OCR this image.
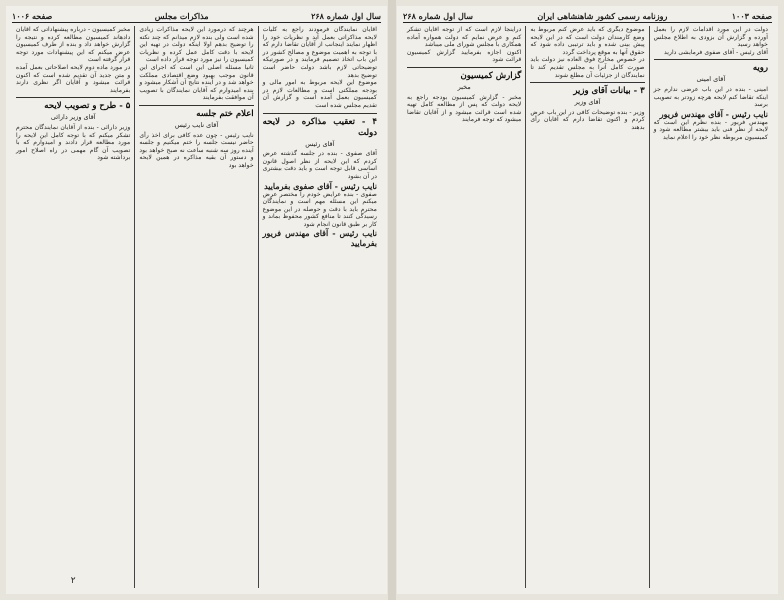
سال اول شماره ۲۶۸
مذاکرات مجلس
صفحه ۱۰۰۶

آقایان نمایندگان فرمودند راجع به کلیات لایحه مذاکراتی بعمل آید و نظریات خود را اظهار نمایند اینجانب از آقایان تقاضا دارم که با توجه به اهمیت موضوع و مصالح کشور در این باب اتخاذ تصمیم فرمایند و در صورتیکه توضیحاتی لازم باشد دولت حاضر است توضیح بدهد

موضوع این لایحه مربوط به امور مالی و بودجه مملکتی است و مطالعات لازم در کمیسیون بعمل آمده است و گزارش آن تقدیم مجلس شده است

۴ - تعقیب مذاکره در لایحه دولت
آقای رئیس

آقای صفوی - بنده در جلسه گذشته عرض کردم که این لایحه از نظر اصول قانون اساسی قابل توجه است و باید دقت بیشتری در آن بشود

نایب رئیس - آقای صفوی بفرمایید

صفوی - بنده عرایض خودم را مختصر عرض میکنم این مسئله مهم است و نمایندگان محترم باید با دقت و حوصله در این موضوع رسیدگی کنند تا منافع کشور محفوظ بماند و کار بر طبق قانون انجام شود

نایب رئیس - آقای مهندس فریور بفرمایید

هرچند که درمورد این لایحه مذاکرات زیادی شده است ولی بنده لازم میدانم که چند نکته را توضیح بدهم اولا اینکه دولت در تهیه این لایحه با دقت کامل عمل کرده و نظریات کمیسیون را نیز مورد توجه قرار داده است

ثانیا مسئله اصلی این است که اجرای این قانون موجب بهبود وضع اقتصادی مملکت خواهد شد و در آینده نتایج آن آشکار میشود و بنده امیدوارم که آقایان نمایندگان با تصویب آن موافقت بفرمایند

اعلام ختم جلسه
آقای نایب رئیس

نایب رئیس - چون عده کافی برای اخذ رأی حاضر نیست جلسه را ختم میکنیم و جلسه آینده روز سه شنبه ساعت نه صبح خواهد بود و دستور آن بقیه مذاکره در همین لایحه خواهد بود

مخبر کمیسیون - درباره پیشنهاداتی که آقایان دادهاند کمیسیون مطالعه کرده و نتیجه را گزارش خواهد داد و بنده از طرف کمیسیون عرض میکنم که این پیشنهادات مورد توجه قرار گرفته است

در مورد ماده دوم لایحه اصلاحاتی بعمل آمده و متن جدید آن تقدیم شده است که اکنون قرائت میشود و آقایان اگر نظری دارند بفرمایند

۵ - طرح و تصویب لایحه
آقای وزیر دارائی

وزیر دارائی - بنده از آقایان نمایندگان محترم تشکر میکنم که با توجه کامل این لایحه را مورد مطالعه قرار دادند و امیدوارم که با تصویب آن گام مهمی در راه اصلاح امور برداشته شود

۲
صفحه ۱۰۰۳
روزنامه رسمی کشور شاهنشاهی ایران
سال اول شماره ۲۶۸

دولت در این مورد اقدامات لازم را بعمل آورده و گزارش آن بزودی به اطلاع مجلس خواهد رسید

آقای رئیس - آقای صفوی فرمایشی دارید

رویه
آقای امینی

امینی - بنده در این باب عرضی ندارم جز اینکه تقاضا کنم لایحه هرچه زودتر به تصویب برسد

نایب رئیس - آقای مهندس فریور

مهندس فریور - بنده نظرم این است که لایحه از نظر فنی باید بیشتر مطالعه شود و کمیسیون مربوطه نظر خود را اعلام نماید

موضوع دیگری که باید عرض کنم مربوط به وضع کارمندان دولت است که در این لایحه پیش بینی شده و باید ترتیبی داده شود که حقوق آنها به موقع پرداخت گردد

در خصوص مخارج فوق العاده نیز دولت باید صورت کامل آنرا به مجلس تقدیم کند تا نمایندگان از جزئیات آن مطلع شوند

۳ - بیانات آقای وزیر
آقای وزیر

وزیر - بنده توضیحات کافی در این باب عرض کردم و اکنون تقاضا دارم که آقایان رأی بدهند

دراینجا لازم است که از توجه آقایان تشکر کنم و عرض نمایم که دولت همواره آماده همکاری با مجلس شورای ملی میباشد

اکنون اجازه بفرمایید گزارش کمیسیون قرائت شود

گزارش کمیسیون
مخبر

مخبر - گزارش کمیسیون بودجه راجع به لایحه دولت که پس از مطالعه کامل تهیه شده است قرائت میشود و از آقایان تقاضا میشود که توجه فرمایند
